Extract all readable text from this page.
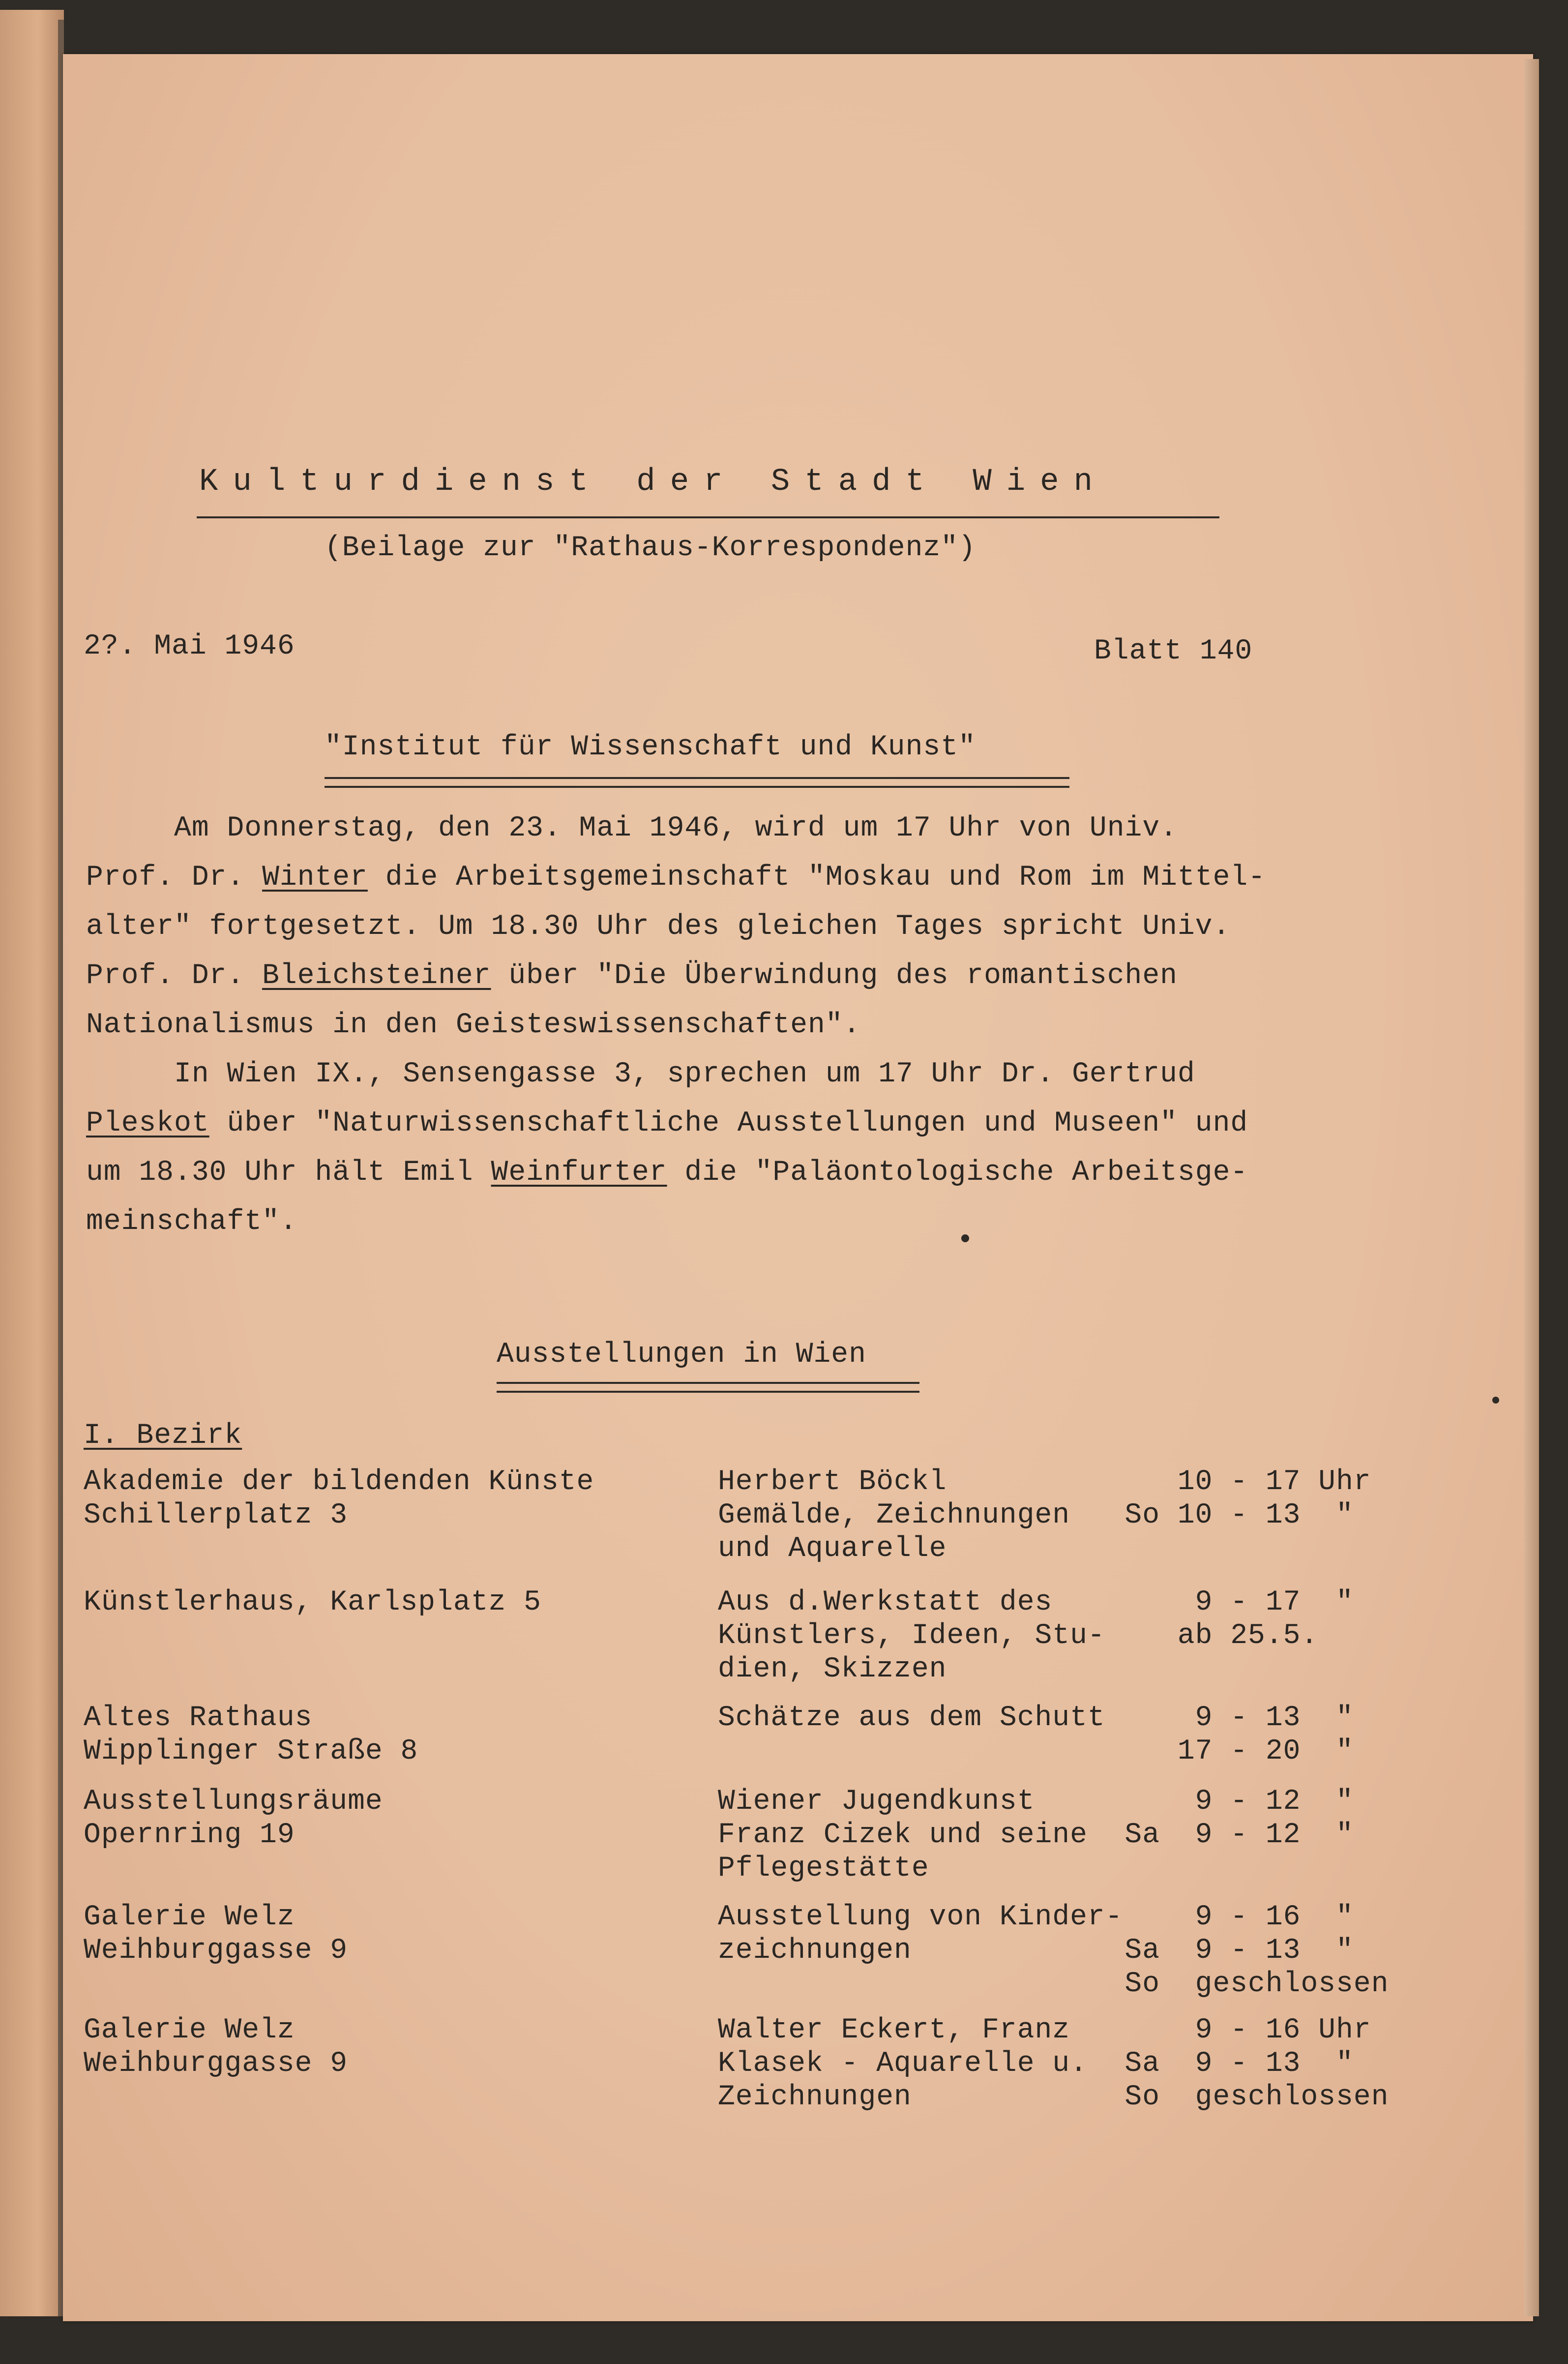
Kulturdienst der Stadt Wien
(Beilage zur "Rathaus-Korrespondenz")
2?. Mai 1946	Blatt 140
"Institut für Wissenschaft und Kunst"
Am Donnerstag, den 23. Mai 1946, wird um 17 Uhr von Univ.
Prof. Dr. Winter die Arbeitsgemeinschaft "Moskau und Rom im Mittel-
alter" fortgesetzt. Um 18.30 Uhr des gleichen Tages spricht Univ.
Prof. Dr. Bleichsteiner über "Die Überwindung des romantischen
Nationalismus in den Geisteswissenschaften".
In Wien IX., Sensengasse 3, sprechen um 17 Uhr Dr. Gertrud
Pleskot über "Naturwissenschaftliche Ausstellungen und Museen" und
um 18.30 Uhr hält Emil Weinfurter die "Paläontologische Arbeitsge-
meinschaft".
Ausstellungen in Wien
I. Bezirk
Akademie der bildenden Künste
Schillerplatz 3
Herbert Böckl
Gemälde, Zeichnungen
und Aquarelle
10 - 17 Uhr
So 10 - 13  "
Künstlerhaus, Karlsplatz 5	Aus d.Werkstatt des
Künstlers, Ideen, Stu-
dien, Skizzen
9 - 17  "
ab 25.5.
Altes Rathaus
Wipplinger Straße 8
Schätze aus dem Schutt
9 - 13  "
17 - 20  "
Ausstellungsräume
Opernring 19
Wiener Jugendkunst
Franz Cizek und seine
Pflegestätte
9 - 12  "
Sa  9 - 12  "
Galerie Welz
Weihburggasse 9
Ausstellung von Kinder-
zeichnungen
9 - 16  "
Sa  9 - 13  "
So  geschlossen
Galerie Welz
Weihburggasse 9
Walter Eckert, Franz
Klasek - Aquarelle u.
Zeichnungen
9 - 16 Uhr
Sa  9 - 13  "
So  geschlossen
